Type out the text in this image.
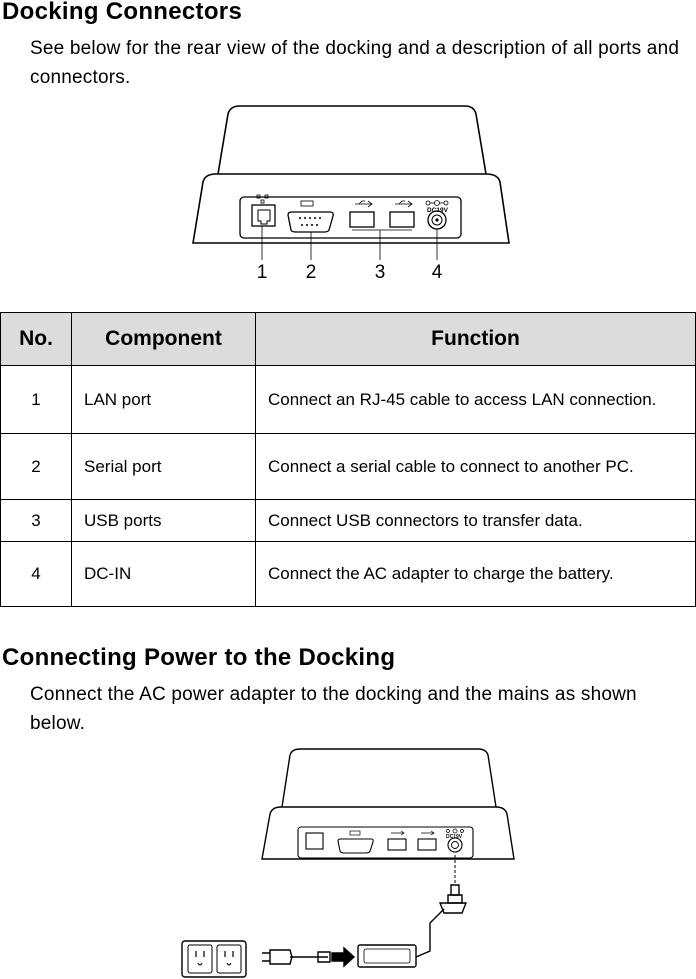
Docking Connectors

See below for the rear view of the docking and a description of all ports and connectors.

DC19V
1 2	3 4
No.	Component	Function
1	LAN port	Connect an RJ-45 cable to access LAN connection.
2	Serial port	Connect a serial cable to connect to another PC.
3	USB ports	Connect USB connectors to transfer data.
4	DC-IN	Connect the AC adapter to charge the battery.
Connecting Power to the Docking

Connect the AC power adapter to the docking and the mains as shown below.

DC19V
